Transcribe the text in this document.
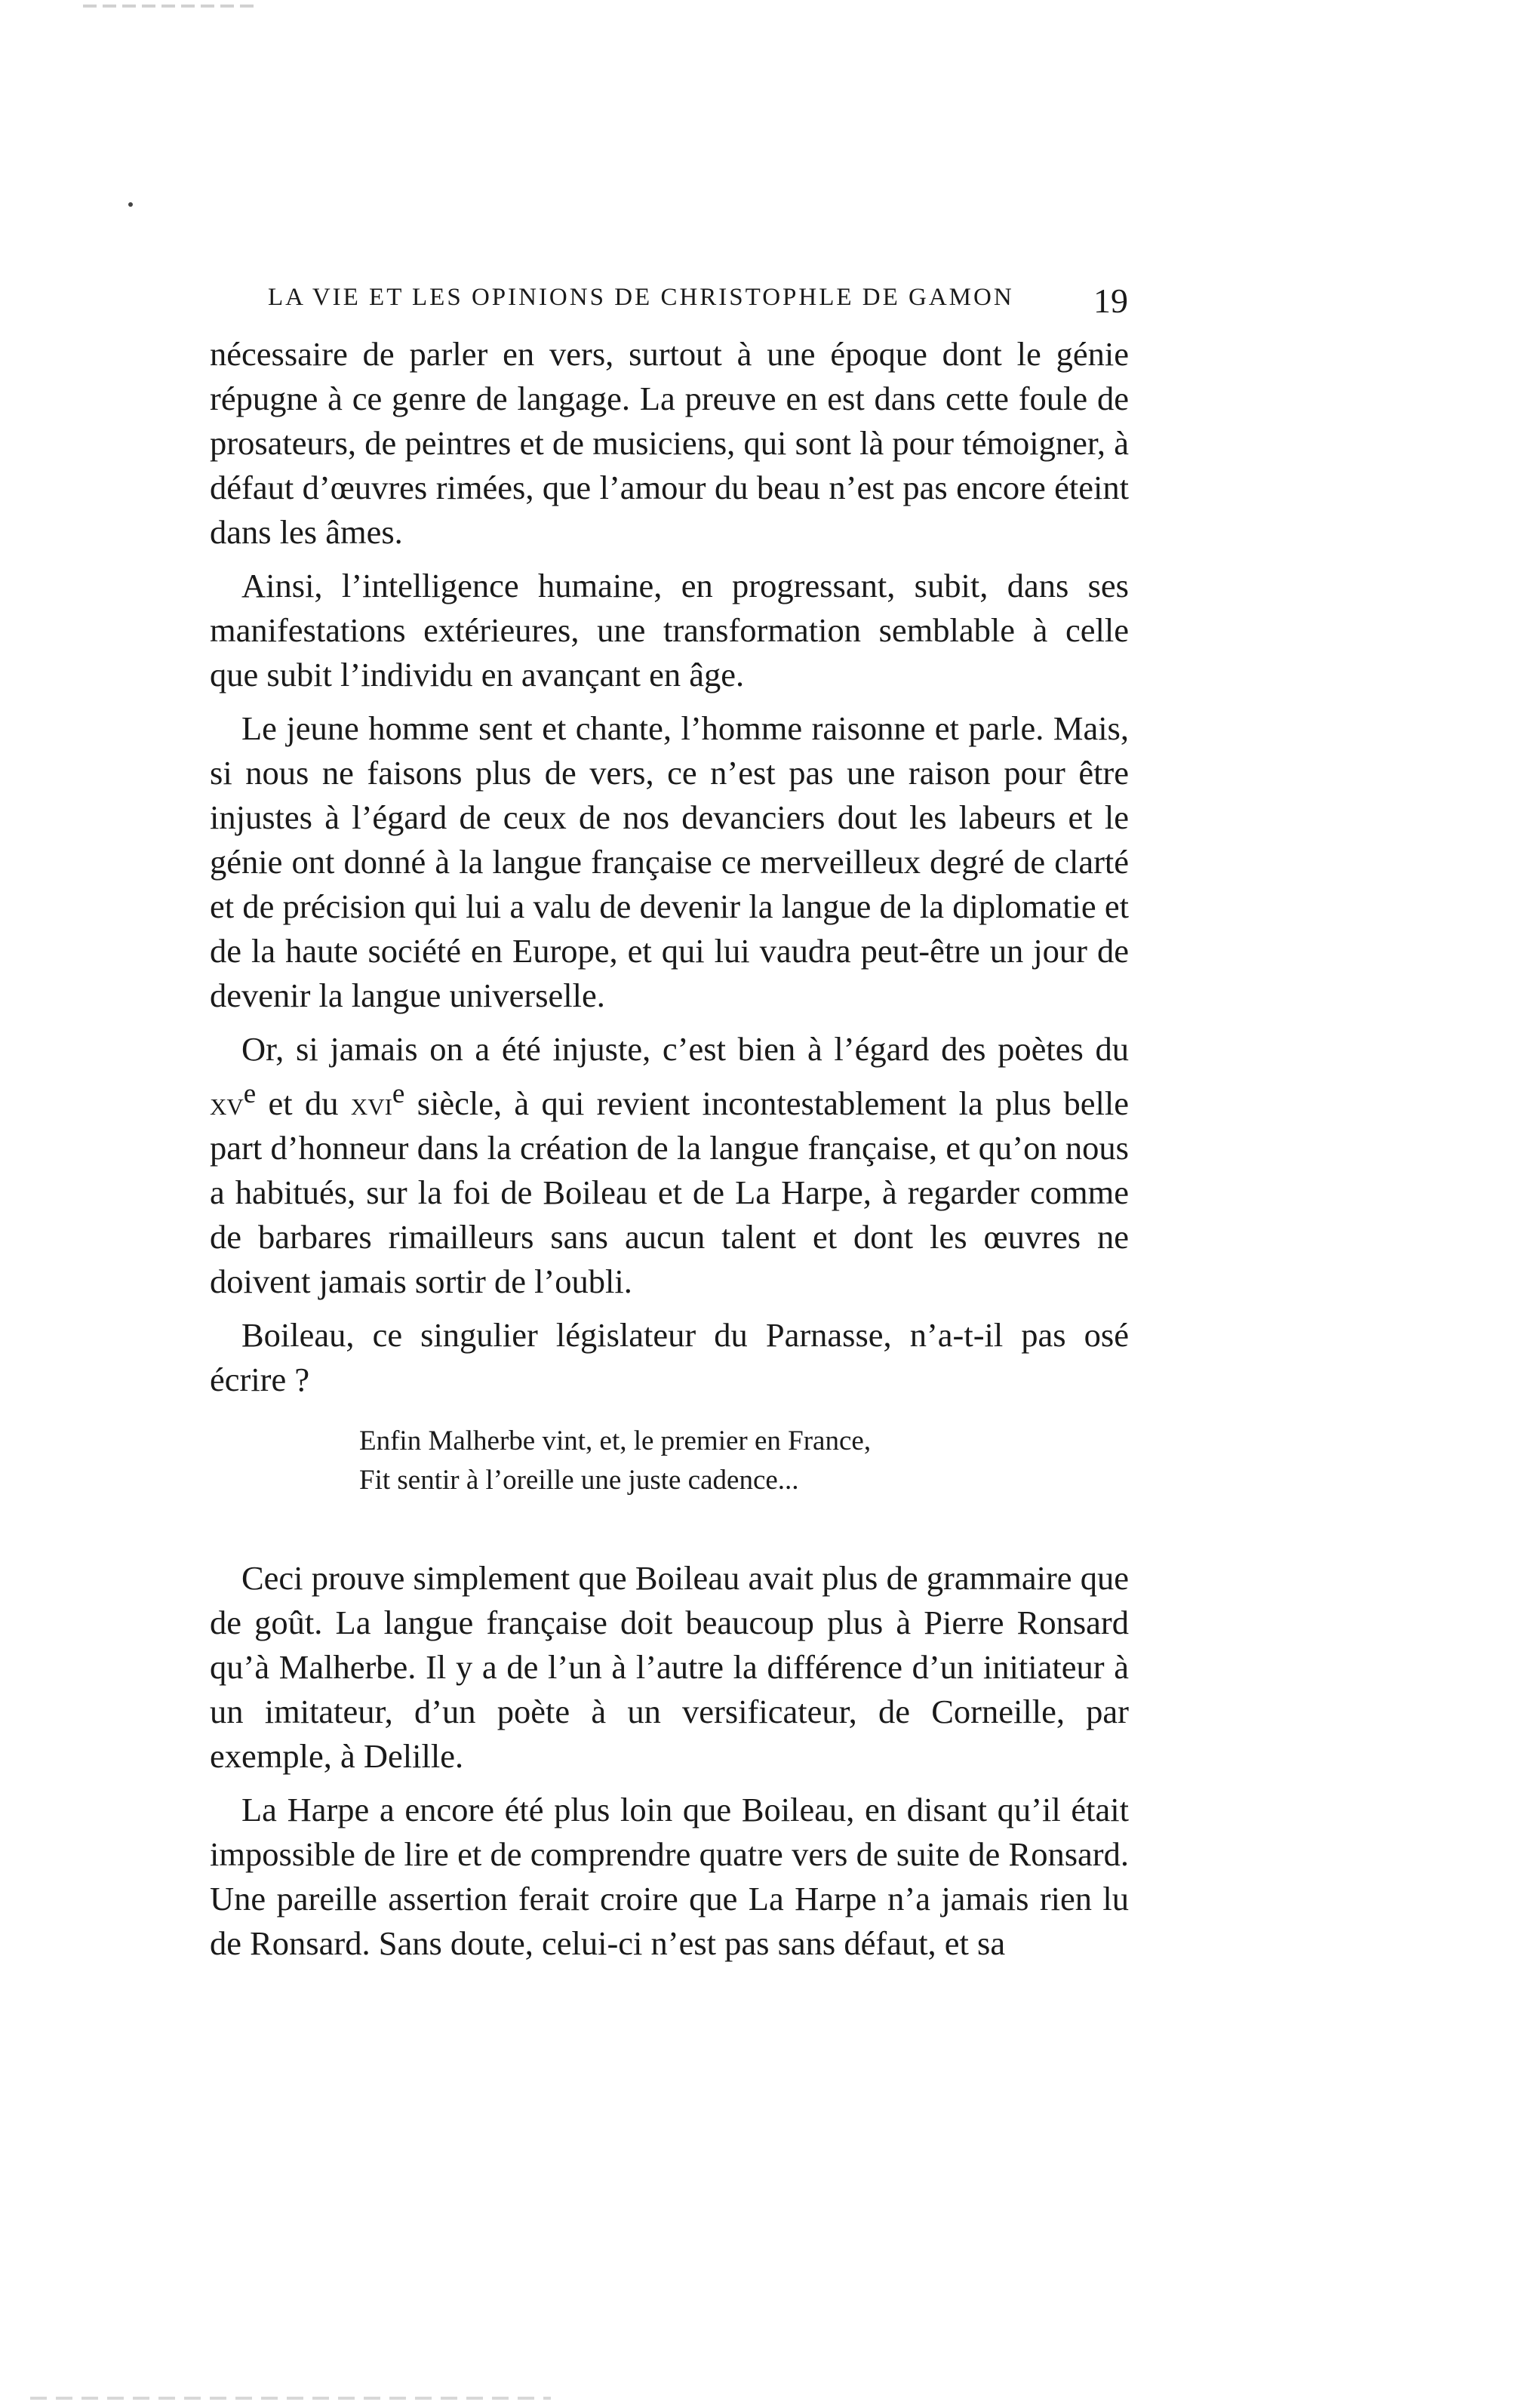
LA VIE ET LES OPINIONS DE CHRISTOPHLE DE GAMON 19

nécessaire de parler en vers, surtout à une époque dont le génie répugne à ce genre de langage. La preuve en est dans cette foule de prosateurs, de peintres et de musiciens, qui sont là pour témoigner, à défaut d’œuvres rimées, que l’amour du beau n’est pas encore éteint dans les âmes.

Ainsi, l’intelligence humaine, en progressant, subit, dans ses manifestations extérieures, une transformation semblable à celle que subit l’individu en avançant en âge.

Le jeune homme sent et chante, l’homme raisonne et parle. Mais, si nous ne faisons plus de vers, ce n’est pas une raison pour être injustes à l’égard de ceux de nos devanciers dout les labeurs et le génie ont donné à la langue française ce merveilleux degré de clarté et de précision qui lui a valu de devenir la langue de la diplomatie et de la haute société en Europe, et qui lui vaudra peut-être un jour de devenir la langue universelle.

Or, si jamais on a été injuste, c’est bien à l’égard des poètes du $xv^e$ et du xvi$^e$ siècle, à qui revient incontestablement la plus belle part d’honneur dans la création de la langue française, et qu’on nous a habitués, sur la foi de Boileau et de La Harpe, à regarder comme de barbares rimailleurs sans aucun talent et dont les œuvres ne doivent jamais sortir de l’oubli.

Boileau, ce singulier législateur du Parnasse, n’a-t-il pas osé écrire ?

Enfin Malherbe vint, et, le premier en France,
Fit sentir à l’oreille une juste cadence...

Ceci prouve simplement que Boileau avait plus de grammaire que de goût. La langue française doit beaucoup plus à Pierre Ronsard qu’à Malherbe. Il y a de l’un à l’autre la différence d’un initiateur à un imitateur, d’un poète à un versificateur, de Corneille, par exemple, à Delille.

La Harpe a encore été plus loin que Boileau, en disant qu’il était impossible de lire et de comprendre quatre vers de suite de Ronsard. Une pareille assertion ferait croire que La Harpe n’a jamais rien lu de Ronsard. Sans doute, celui-ci n’est pas sans défaut, et sa
